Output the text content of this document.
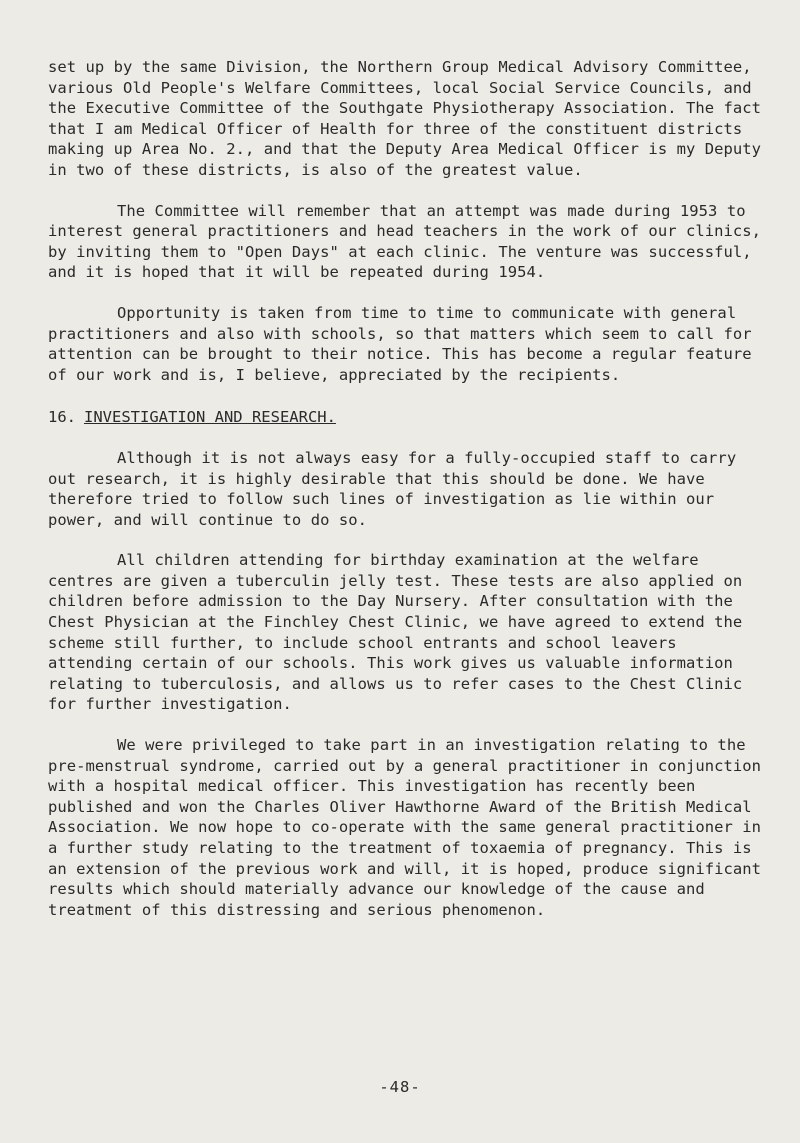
set up by the same Division, the Northern Group Medical Advisory Committee, various Old People's Welfare Committees, local Social Service Councils, and the Executive Committee of the Southgate Physiotherapy Association. The fact that I am Medical Officer of Health for three of the constituent districts making up Area No. 2., and that the Deputy Area Medical Officer is my Deputy in two of these districts, is also of the greatest value.

The Committee will remember that an attempt was made during 1953 to interest general practitioners and head teachers in the work of our clinics, by inviting them to "Open Days" at each clinic. The venture was successful, and it is hoped that it will be repeated during 1954.

Opportunity is taken from time to time to communicate with general practitioners and also with schools, so that matters which seem to call for attention can be brought to their notice. This has become a regular feature of our work and is, I believe, appreciated by the recipients.

16. INVESTIGATION AND RESEARCH.

Although it is not always easy for a fully-occupied staff to carry out research, it is highly desirable that this should be done. We have therefore tried to follow such lines of investigation as lie within our power, and will continue to do so.

All children attending for birthday examination at the welfare centres are given a tuberculin jelly test. These tests are also applied on children before admission to the Day Nursery. After consultation with the Chest Physician at the Finchley Chest Clinic, we have agreed to extend the scheme still further, to include school entrants and school leavers attending certain of our schools. This work gives us valuable information relating to tuberculosis, and allows us to refer cases to the Chest Clinic for further investigation.

We were privileged to take part in an investigation relating to the pre-menstrual syndrome, carried out by a general practitioner in conjunction with a hospital medical officer. This investigation has recently been published and won the Charles Oliver Hawthorne Award of the British Medical Association. We now hope to co-operate with the same general practitioner in a further study relating to the treatment of toxaemia of pregnancy. This is an extension of the previous work and will, it is hoped, produce significant results which should materially advance our knowledge of the cause and treatment of this distressing and serious phenomenon.

-48-
